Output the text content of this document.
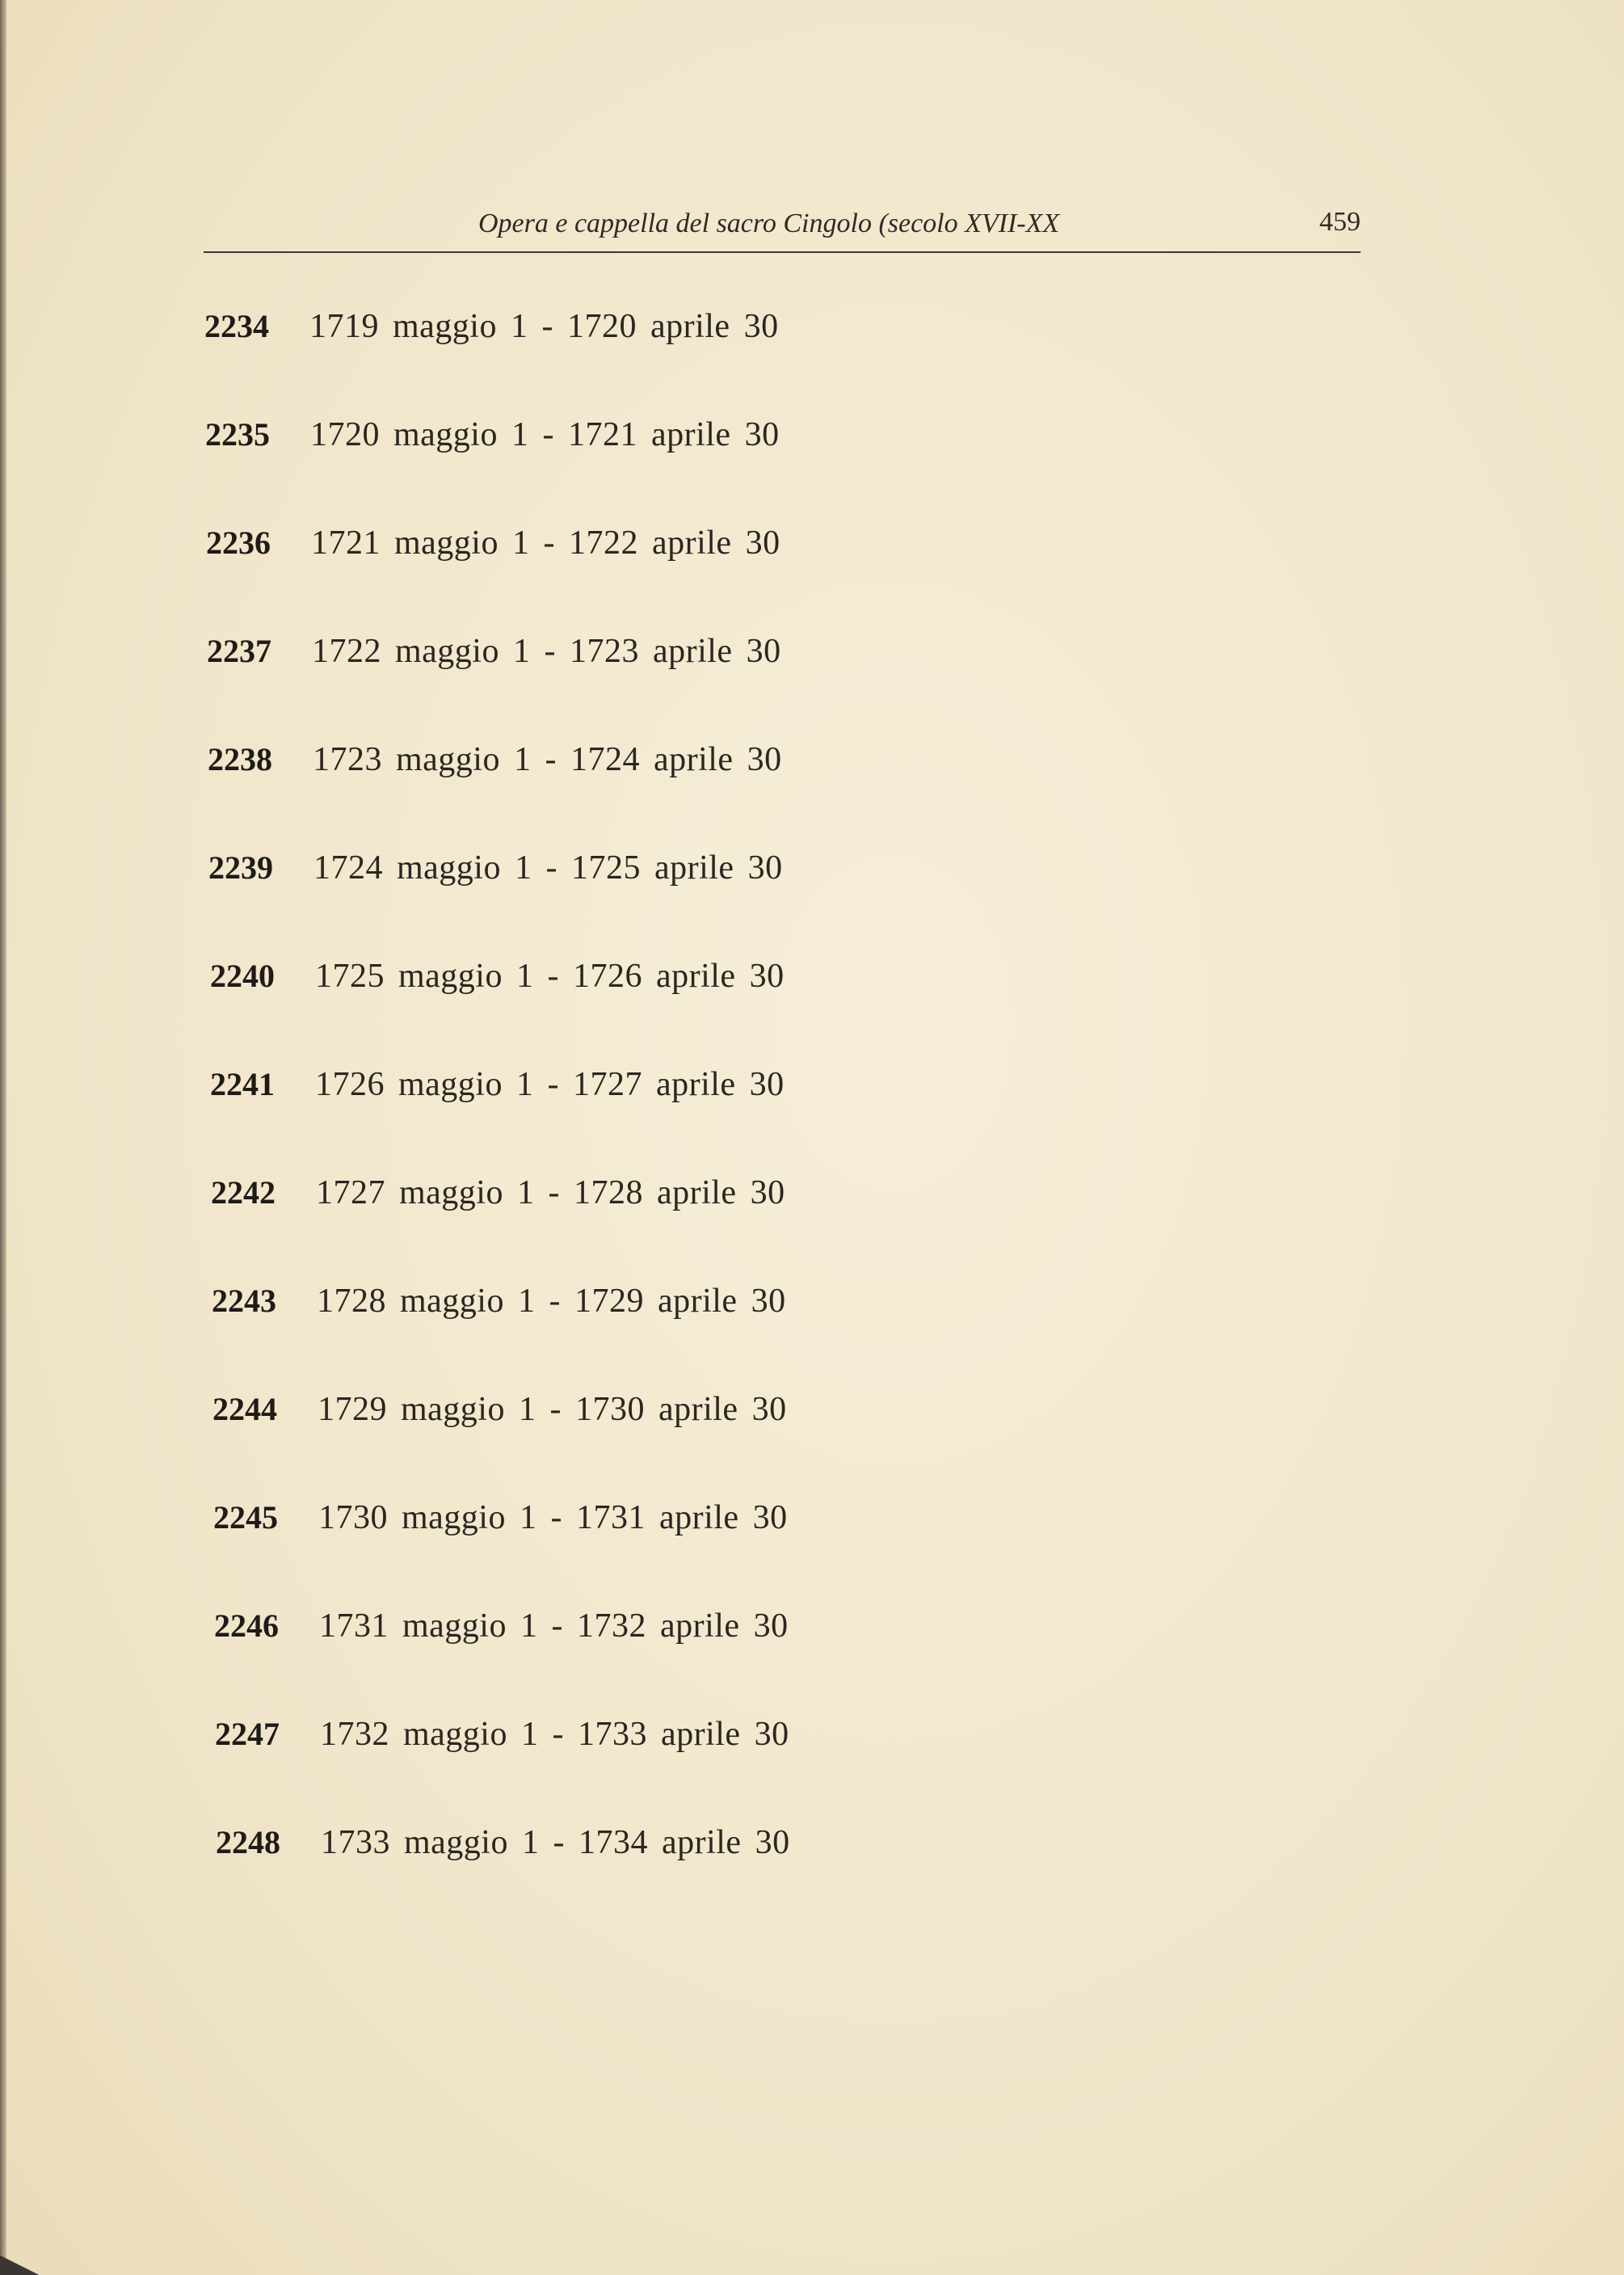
Opera e cappella del sacro Cingolo (secolo XVII-XX	459
2234 1719 maggio 1 - 1720 aprile 30
2235 1720 maggio 1 - 1721 aprile 30
2236 1721 maggio 1 - 1722 aprile 30
2237 1722 maggio 1 - 1723 aprile 30
2238 1723 maggio 1 - 1724 aprile 30
2239 1724 maggio 1 - 1725 aprile 30
2240 1725 maggio 1 - 1726 aprile 30
2241 1726 maggio 1 - 1727 aprile 30
2242 1727 maggio 1 - 1728 aprile 30
2243 1728 maggio 1 - 1729 aprile 30
2244 1729 maggio 1 - 1730 aprile 30
2245 1730 maggio 1 - 1731 aprile 30
2246 1731 maggio 1 - 1732 aprile 30
2247 1732 maggio 1 - 1733 aprile 30
2248 1733 maggio 1 - 1734 aprile 30
